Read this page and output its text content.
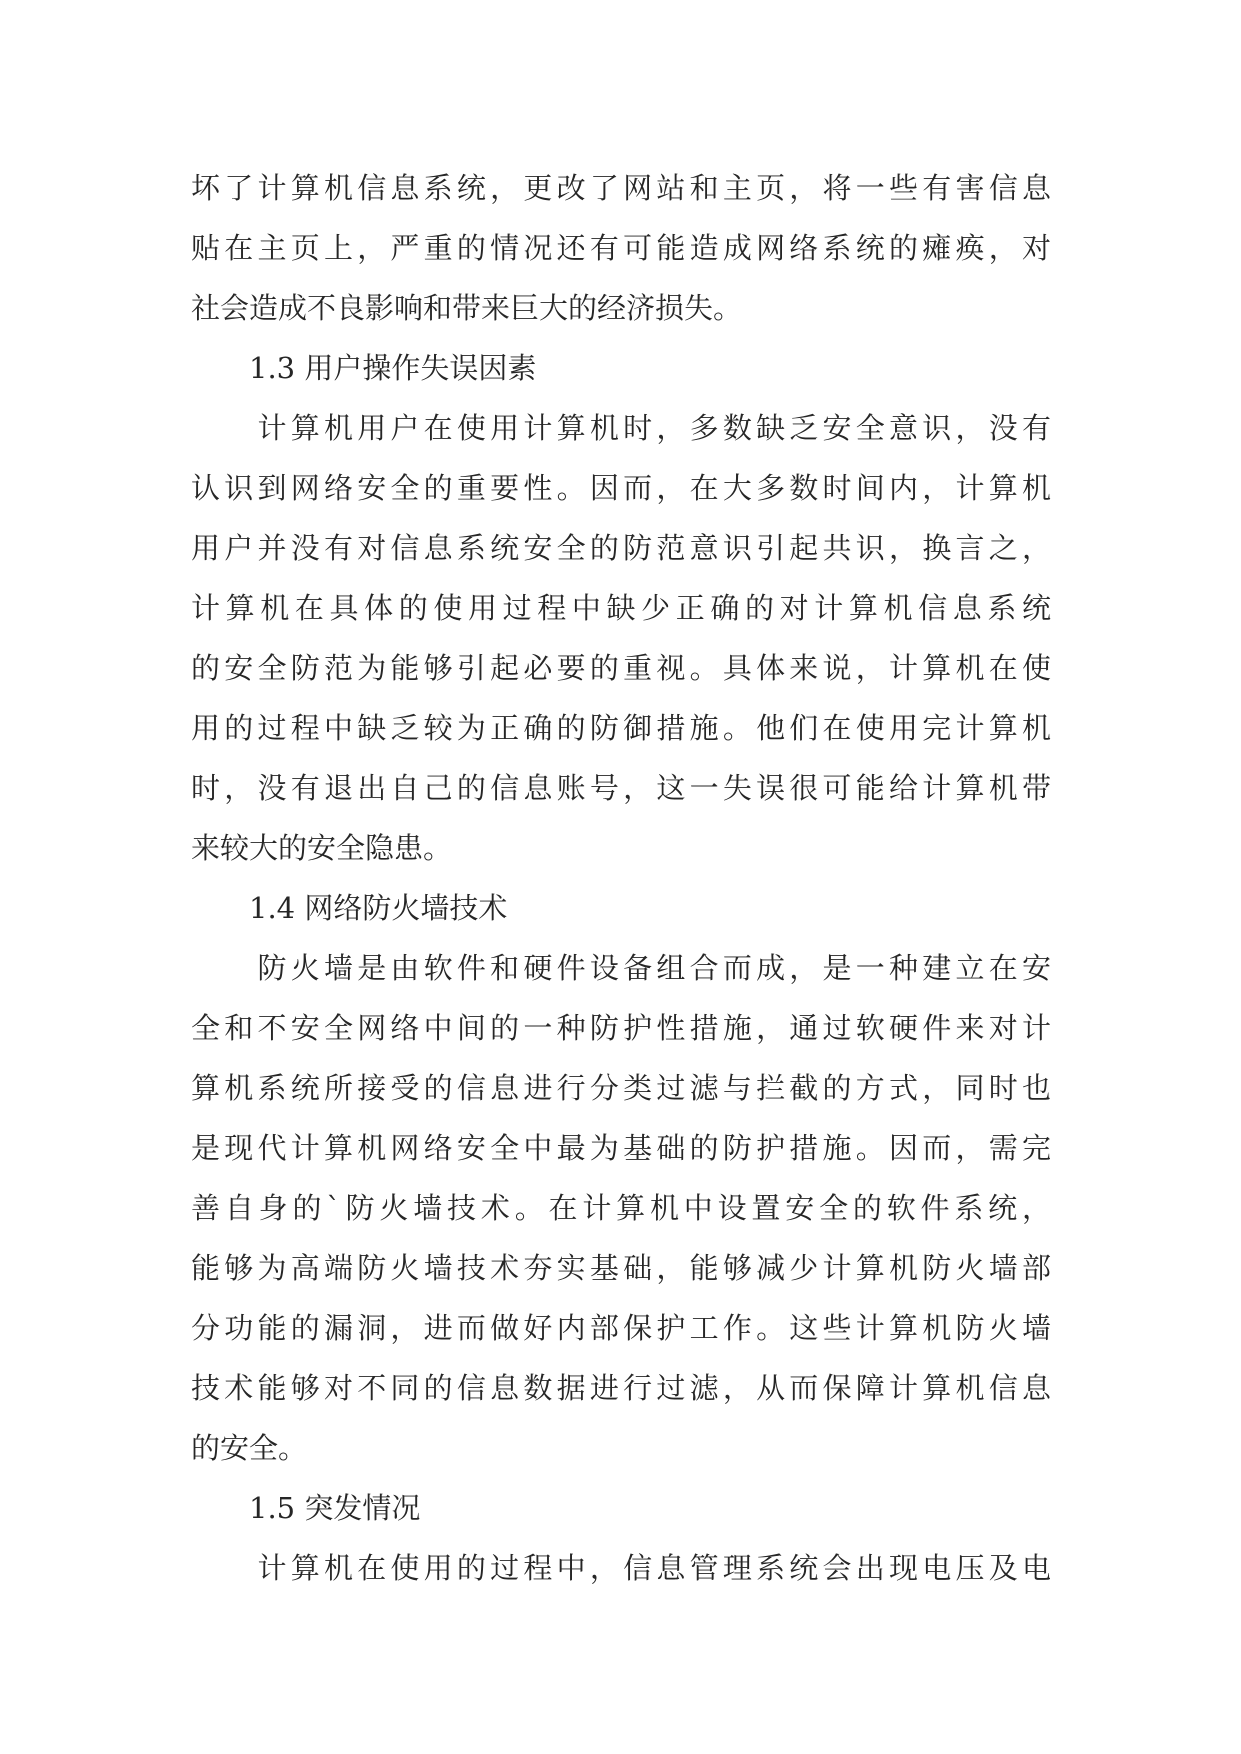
坏了计算机信息系统，更改了网站和主页，将一些有害信息
贴在主页上，严重的情况还有可能造成网络系统的瘫痪，对
社会造成不良影响和带来巨大的经济损失。
　　1.3 用户操作失误因素
　　计算机用户在使用计算机时，多数缺乏安全意识，没有
认识到网络安全的重要性。因而，在大多数时间内，计算机
用户并没有对信息系统安全的防范意识引起共识，换言之，
计算机在具体的使用过程中缺少正确的对计算机信息系统
的安全防范为能够引起必要的重视。具体来说，计算机在使
用的过程中缺乏较为正确的防御措施。他们在使用完计算机
时，没有退出自己的信息账号，这一失误很可能给计算机带
来较大的安全隐患。
　　1.4 网络防火墙技术
　　防火墙是由软件和硬件设备组合而成，是一种建立在安
全和不安全网络中间的一种防护性措施，通过软硬件来对计
算机系统所接受的信息进行分类过滤与拦截的方式，同时也
是现代计算机网络安全中最为基础的防护措施。因而，需完
善自身的`防火墙技术。在计算机中设置安全的软件系统，
能够为高端防火墙技术夯实基础，能够减少计算机防火墙部
分功能的漏洞，进而做好内部保护工作。这些计算机防火墙
技术能够对不同的信息数据进行过滤，从而保障计算机信息
的安全。
　　1.5 突发情况
　　计算机在使用的过程中，信息管理系统会出现电压及电
